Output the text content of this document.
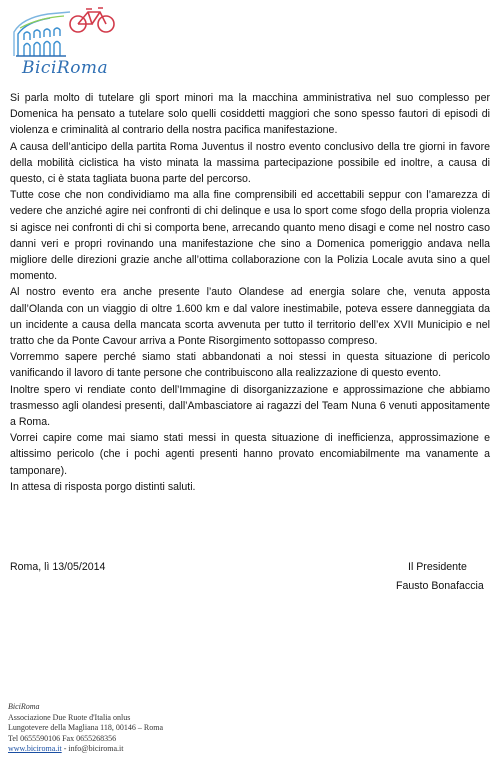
BiciRoma

Si parla molto di tutelare gli sport minori ma la macchina amministrativa nel suo complesso per Domenica ha pensato a tutelare solo quelli cosiddetti maggiori che sono spesso fautori di episodi di violenza e criminalità al contrario della nostra pacifica manifestazione.

A causa dell’anticipo della partita Roma Juventus il nostro evento conclusivo della tre giorni in favore della mobilità ciclistica ha visto minata la massima partecipazione possibile ed inoltre, a causa di questo, ci è stata tagliata buona parte del percorso.

Tutte cose che non condividiamo ma alla fine comprensibili ed accettabili seppur con l’amarezza di vedere che anziché agire nei confronti di chi delinque e usa lo sport come sfogo della propria violenza si agisce nei confronti di chi si comporta bene, arrecando quanto meno disagi e come nel nostro caso danni veri e propri rovinando una manifestazione che sino a Domenica pomeriggio andava nella migliore delle direzioni grazie anche all’ottima collaborazione con la Polizia Locale avuta sino a quel momento.

Al nostro evento era anche presente l’auto Olandese ad energia solare che, venuta apposta dall’Olanda con un viaggio di oltre 1.600 km e dal valore inestimabile, poteva essere danneggiata da un incidente a causa della mancata scorta avvenuta per tutto il territorio dell’ex XVII Municipio e nel tratto che da Ponte Cavour arriva a Ponte Risorgimento sottopasso compreso.

Vorremmo sapere perché siamo stati abbandonati a noi stessi in questa situazione di pericolo vanificando il lavoro di tante persone che contribuiscono alla realizzazione di questo evento.

Inoltre spero vi rendiate conto dell’Immagine di disorganizzazione e approssimazione che abbiamo trasmesso agli olandesi presenti, dall’Ambasciatore ai ragazzi del Team Nuna 6 venuti appositamente a Roma.

Vorrei capire come mai siamo stati messi in questa situazione di inefficienza, approssimazione e altissimo pericolo (che i pochi agenti presenti hanno provato encomiabilmente ma vanamente a tamponare).

In attesa di risposta porgo distinti saluti.

Roma, lì 13/05/2014	Il Presidente
Fausto Bonafaccia
BiciRoma
Associazione Due Ruote d'Italia onlus
Lungotevere della Magliana 118, 00146 – Roma
Tel 0655590106 Fax 0655268356
www.biciroma.it - info@biciroma.it
